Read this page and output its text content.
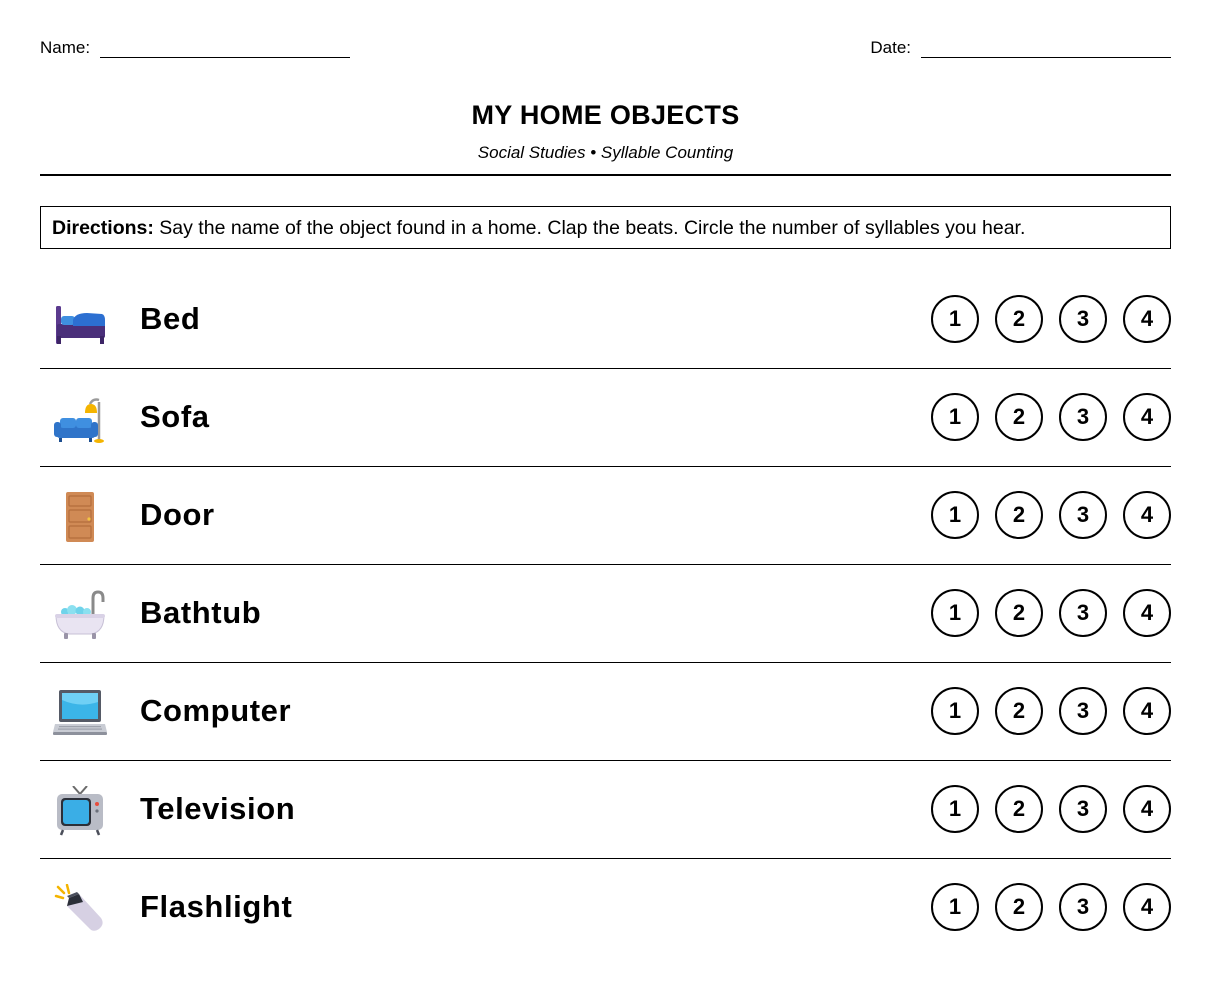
Name:	Date:
MY HOME OBJECTS
Social Studies • Syllable Counting
Directions: Say the name of the object found in a home. Clap the beats. Circle the number of syllables you hear.
Bed	1	2	3	4
Sofa	1	2	3	4
Door	1	2	3	4
Bathtub	1	2	3	4
Computer	1	2	3	4
Television	1	2	3	4
Flashlight	1	2	3	4
